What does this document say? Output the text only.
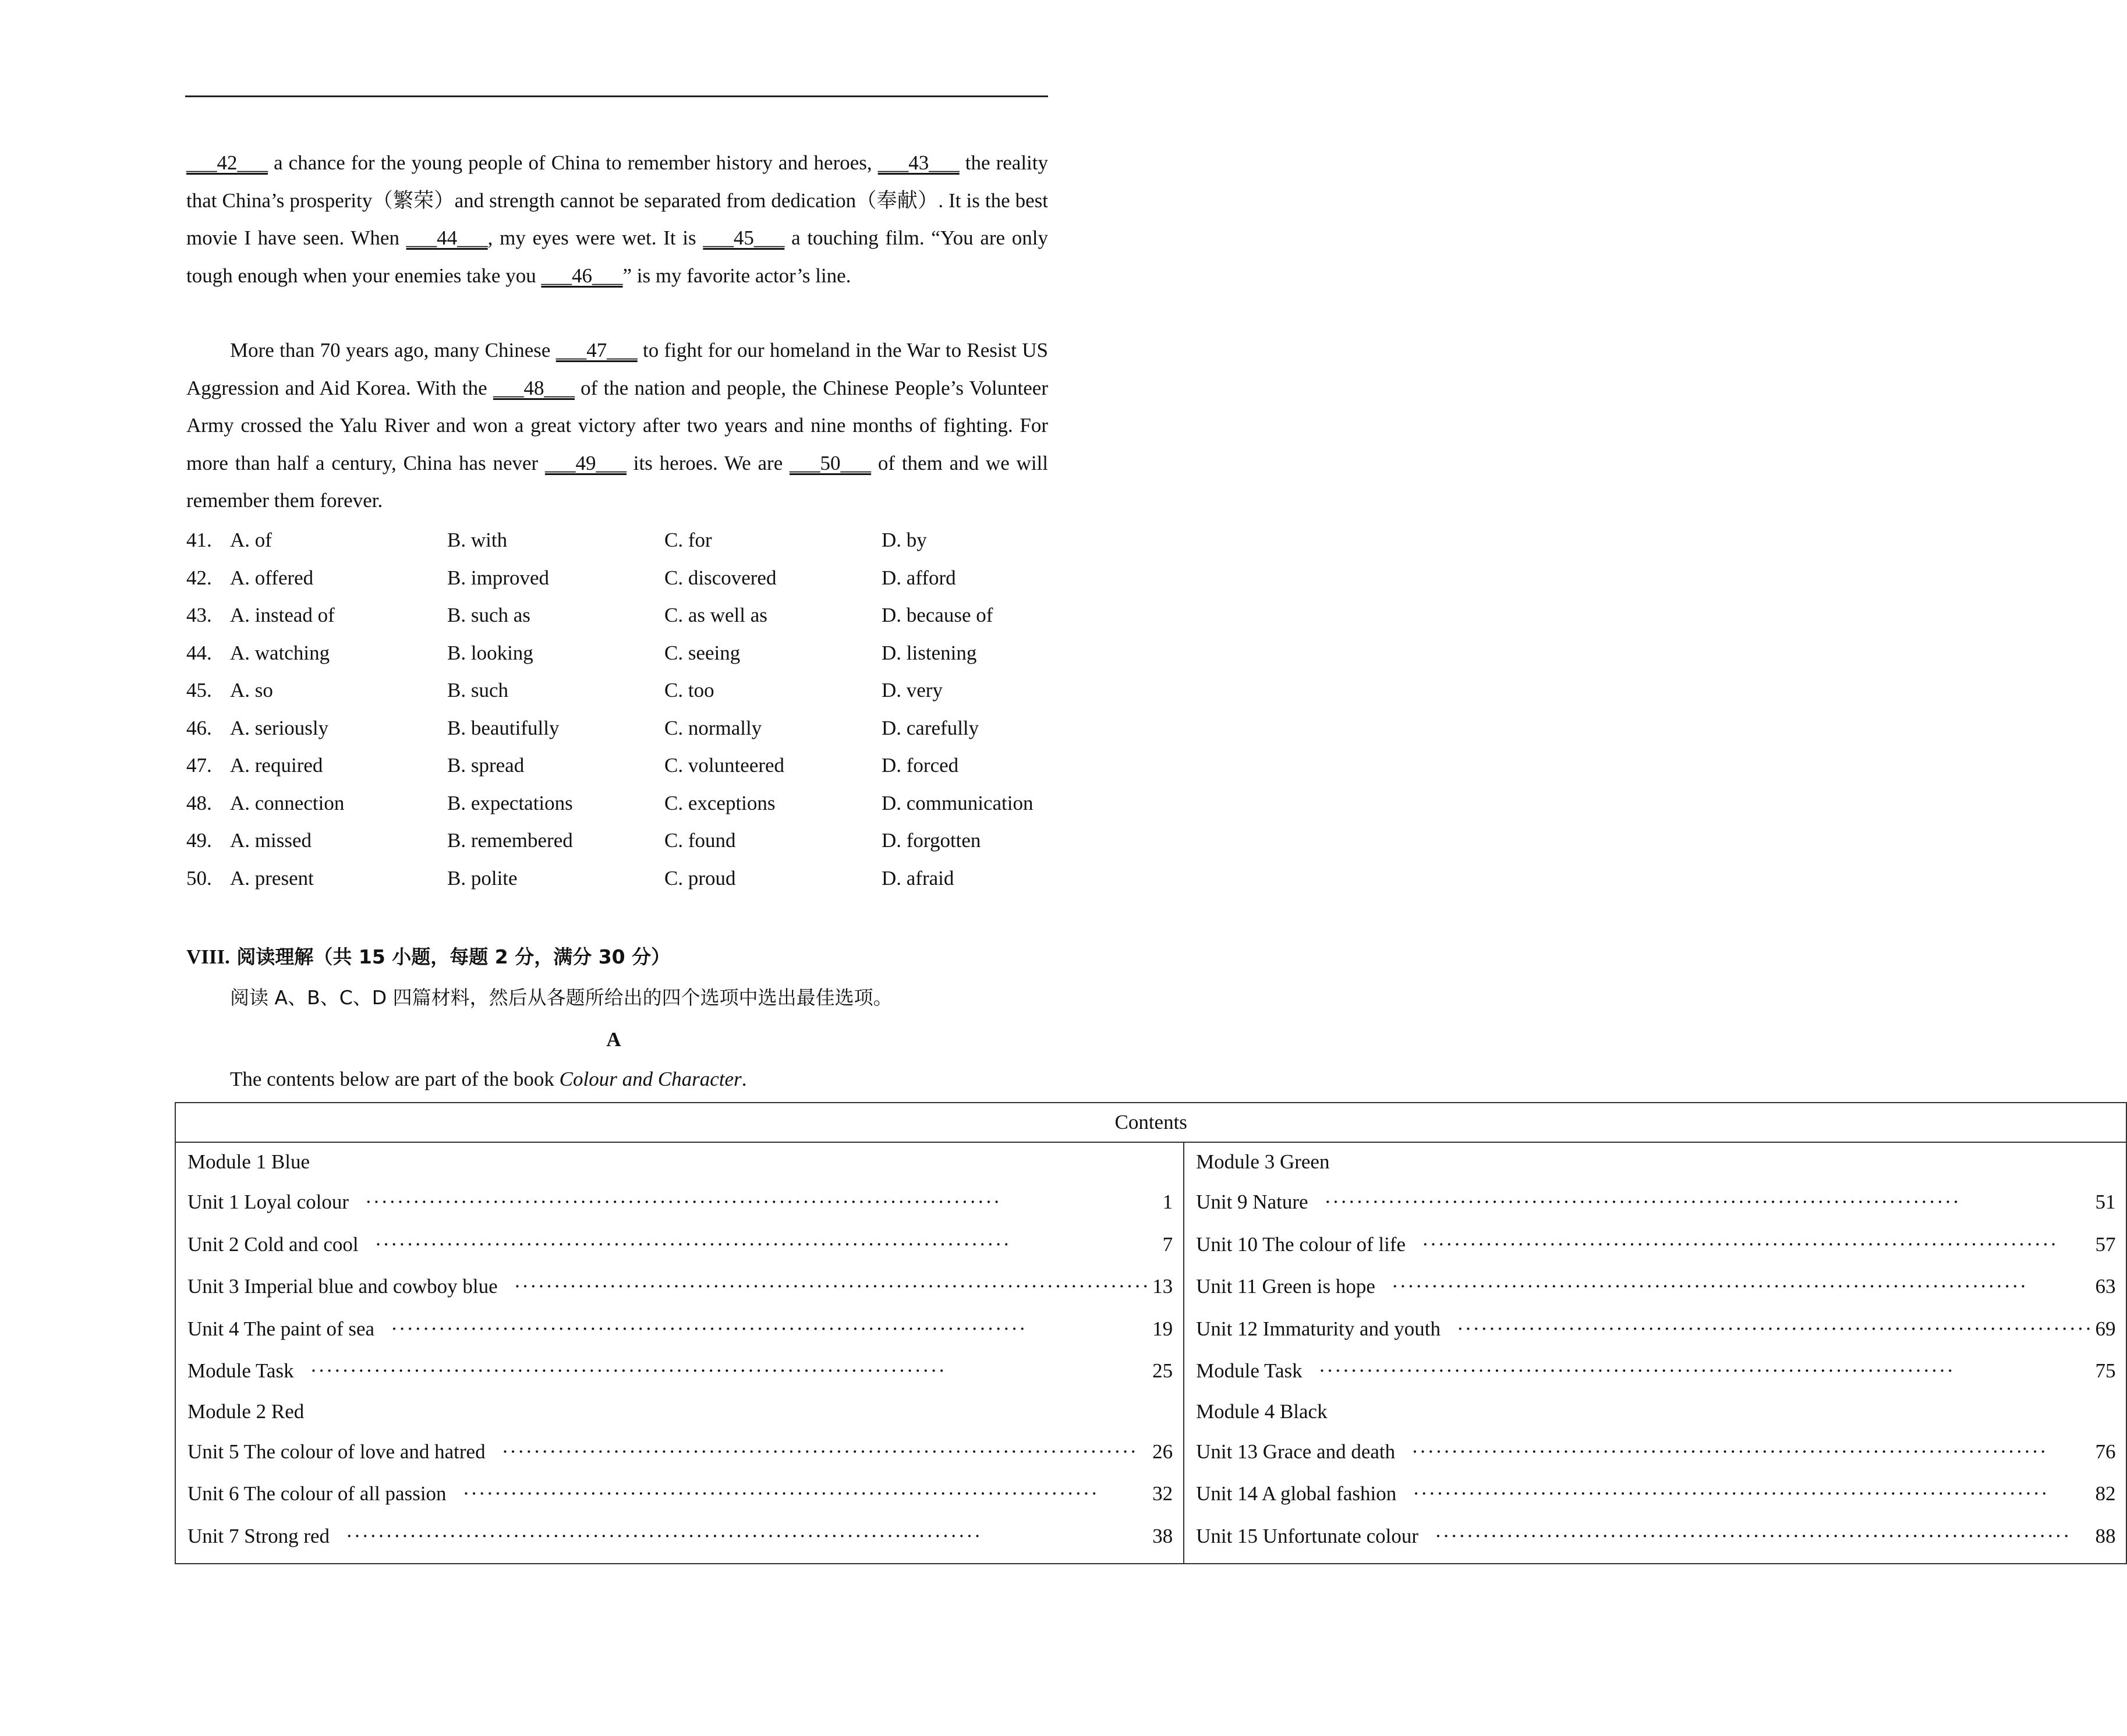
___42___ a chance for the young people of China to remember history and heroes, ___43___ the reality that China’s prosperity（繁荣）and strength cannot be separated from dedication（奉献）. It is the best movie I have seen. When ___44___, my eyes were wet. It is ___45___ a touching film. “You are only tough enough when your enemies take you ___46___” is my favorite actor’s line.

More than 70 years ago, many Chinese ___47___ to fight for our homeland in the War to Resist US Aggression and Aid Korea. With the ___48___ of the nation and people, the Chinese People’s Volunteer Army crossed the Yalu River and won a great victory after two years and nine months of fighting. For more than half a century, China has never ___49___ its heroes. We are ___50___ of them and we will remember them forever.

41. A. of	B. with	C. for	D. by
42. A. offered	B. improved	C. discovered	D. afford
43. A. instead of	B. such as	C. as well as	D. because of
44. A. watching	B. looking	C. seeing	D. listening
45. A. so	B. such	C. too	D. very
46. A. seriously	B. beautifully	C. normally	D. carefully
47. A. required	B. spread	C. volunteered	D. forced
48. A. connection	B. expectations	C. exceptions	D. communication
49. A. missed	B. remembered	C. found	D. forgotten
50. A. present	B. polite	C. proud	D. afraid
VIII. 阅读理解（共 15 小题，每题 2 分，满分 30 分）
阅读 A、B、C、D 四篇材料，然后从各题所给出的四个选项中选出最佳选项。
A
The contents below are part of the book Colour and Character.
Contents

Module 1 Blue
Unit 1 Loyal colour ················································································	1
Unit 2 Cold and cool ················································································	7
Unit 3 Imperial blue and cowboy blue ················································································ 13
Unit 4 The paint of sea ················································································	19
Module Task ················································································	25
Module 2 Red
Unit 5 The colour of love and hatred ················································································ 26
Unit 6 The colour of all passion ················································································	32
Unit 7 Strong red ················································································	38

Module 3 Green
Unit 9 Nature ················································································	51
Unit 10 The colour of life ················································································	57
Unit 11 Green is hope ················································································	63
Unit 12 Immaturity and youth ················································································ 69
Module Task ················································································	75
Module 4 Black
Unit 13 Grace and death ················································································	76
Unit 14 A global fashion ················································································	82
Unit 15 Unfortunate colour ················································································	88
